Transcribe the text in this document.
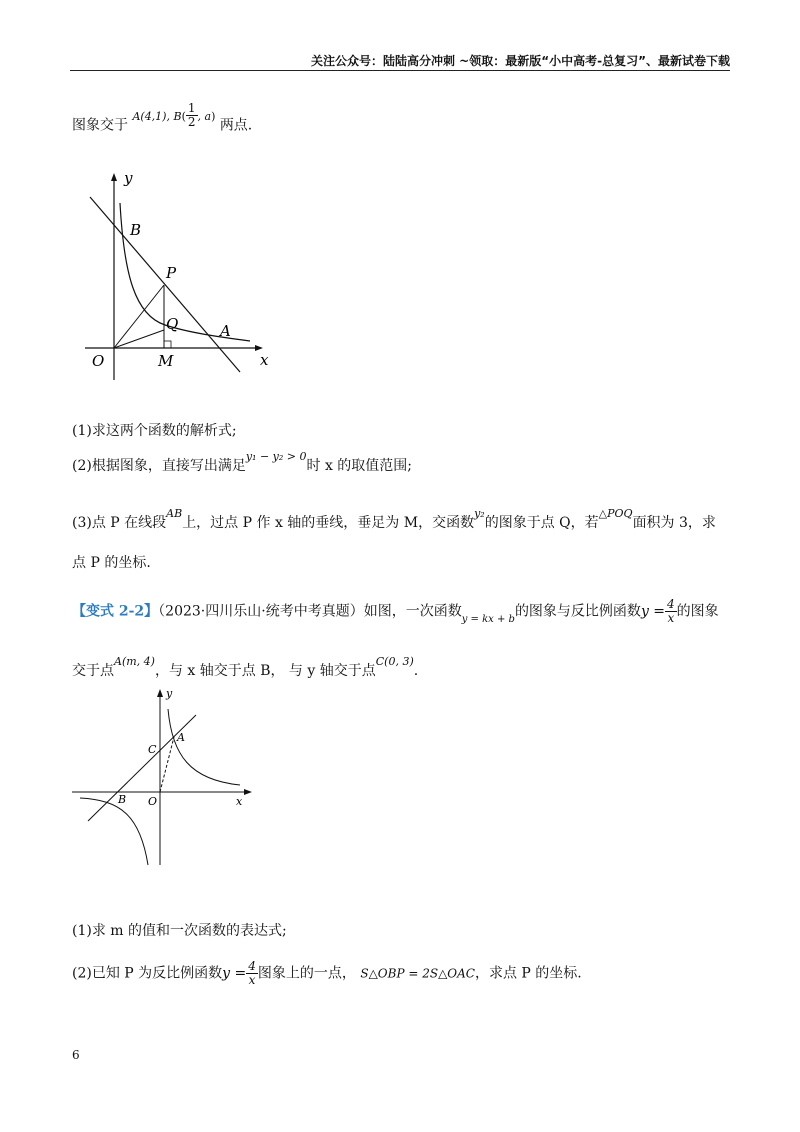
关注公众号：陆陆高分冲刺 ~领取：最新版“小中高考-总复习”、最新试卷下载
图象交于 $^{A(4,1), B(} \frac{1}{2} ^{, a)}$ 两点.
y
x
O	M
B
P
Q	A
(1)求这两个函数的解析式;
(2)根据图象，直接写出满足$^{y_1 - y_2 > 0}$时 x 的取值范围;
(3)点 P 在线段$^{AB}$上，过点 P 作 x 轴的垂线，垂足为 M，交函数$^{y_2}$的图象于点 Q，若$^{\triangle POQ}$面积为 3，求
点 P 的坐标.
【变式 2-2】（2023·四川乐山·统考中考真题）如图，一次函数$_{y = kx + b}$的图象与反比例函数$y = \frac{4}{x}$ 的图象
交于点$^{A(m, 4)}$，与 x 轴交于点 B， 与 y 轴交于点$^{C(0, 3)}$.
y
x
O
B
C
A
(1)求 m 的值和一次函数的表达式;
(2)已知 P 为反比例函数$y = \frac{4}{x}$ 图象上的一点， S△OBP = 2S△OAC，求点 P 的坐标.
6
